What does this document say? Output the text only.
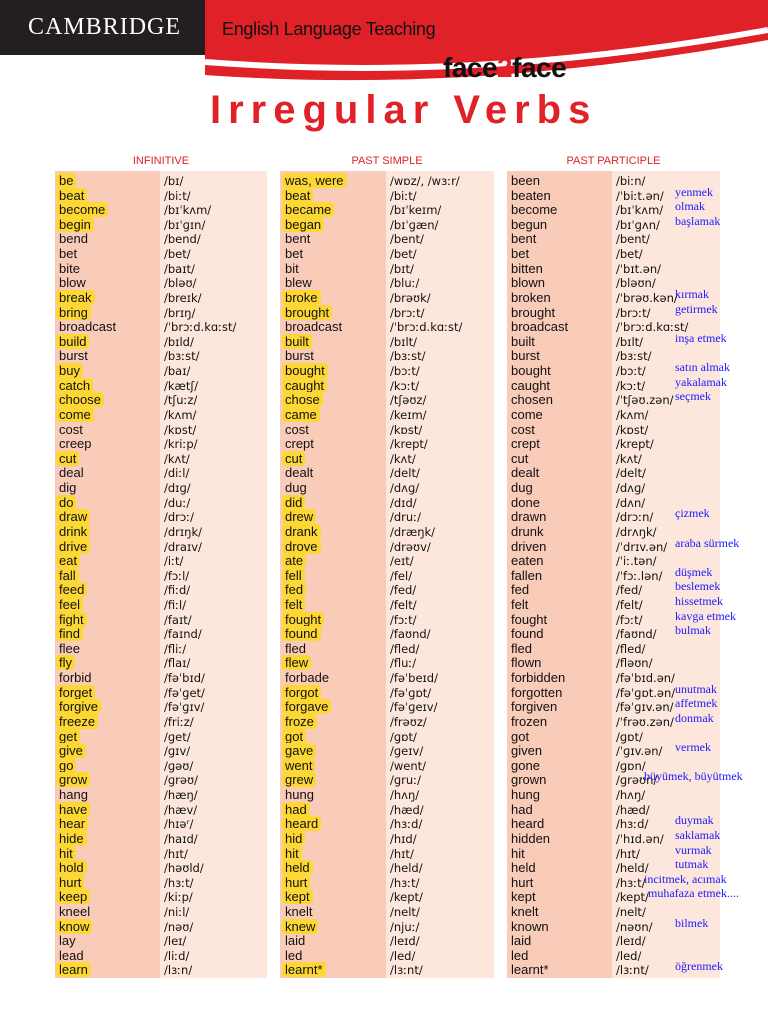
CAMBRIDGE English Language Teaching
face2face
Irregular Verbs
INFINITIVE	PAST SIMPLE	PAST PARTICIPLE
be	/bɪ/	was, were	/wɒz/, /wɜːr/	been	/biːn/
beat	/biːt/	beat	/biːt/	beaten	/ˈbiːt.ən/
become	/bɪˈkʌm/	became	/bɪˈkeɪm/	become	/bɪˈkʌm/
begin	/bɪˈɡɪn/	began	/bɪˈɡæn/	begun	/bɪˈɡʌn/
bend	/bend/	bent	/bent/	bent	/bent/
bet	/bet/	bet	/bet/	bet	/bet/
bite	/baɪt/	bit	/bɪt/	bitten	/ˈbɪt.ən/
blow	/bləʊ/	blew	/bluː/	blown	/bləʊn/
break	/breɪk/	broke	/brəʊk/	broken	/ˈbrəʊ.kən/
bring	/brɪŋ/	brought	/brɔːt/	brought	/brɔːt/
broadcast	/ˈbrɔːd.kɑːst/	broadcast	/ˈbrɔːd.kɑːst/	broadcast	/ˈbrɔːd.kɑːst/
build	/bɪld/	built	/bɪlt/	built	/bɪlt/
burst	/bɜːst/	burst	/bɜːst/	burst	/bɜːst/
buy	/baɪ/	bought	/bɔːt/	bought	/bɔːt/
catch	/kætʃ/	caught	/kɔːt/	caught	/kɔːt/
choose	/tʃuːz/	chose	/tʃəʊz/	chosen	/ˈtʃəʊ.zən/
come	/kʌm/	came	/keɪm/	come	/kʌm/
cost	/kɒst/	cost	/kɒst/	cost	/kɒst/
creep	/kriːp/	crept	/krept/	crept	/krept/
cut	/kʌt/	cut	/kʌt/	cut	/kʌt/
deal	/diːl/	dealt	/delt/	dealt	/delt/
dig	/dɪɡ/	dug	/dʌɡ/	dug	/dʌɡ/
do	/duː/	did	/dɪd/	done	/dʌn/
draw	/drɔː/	drew	/druː/	drawn	/drɔːn/
drink	/drɪŋk/	drank	/dræŋk/	drunk	/drʌŋk/
drive	/draɪv/	drove	/drəʊv/	driven	/ˈdrɪv.ən/
eat	/iːt/	ate	/eɪt/	eaten	/ˈiː.tən/
fall	/fɔːl/	fell	/fel/	fallen	/ˈfɔː.lən/
feed	/fiːd/	fed	/fed/	fed	/fed/
feel	/fiːl/	felt	/felt/	felt	/felt/
fight	/faɪt/	fought	/fɔːt/	fought	/fɔːt/
find	/faɪnd/	found	/faʊnd/	found	/faʊnd/
flee	/fliː/	fled	/fled/	fled	/fled/
fly	/flaɪ/	flew	/fluː/	flown	/fləʊn/
forbid	/fəˈbɪd/	forbade	/fəˈbeɪd/	forbidden	/fəˈbɪd.ən/
forget	/fəˈɡet/	forgot	/fəˈɡɒt/	forgotten	/fəˈɡɒt.ən/
forgive	/fəˈɡɪv/	forgave	/fəˈɡeɪv/	forgiven	/fəˈɡɪv.ən/
freeze	/friːz/	froze	/frəʊz/	frozen	/ˈfrəʊ.zən/
get	/ɡet/	got	/ɡɒt/	got	/ɡɒt/
give	/ɡɪv/	gave	/ɡeɪv/	given	/ˈɡɪv.ən/
go	/ɡəʊ/	went	/went/	gone	/ɡɒn/
grow	/ɡrəʊ/	grew	/ɡruː/	grown	/ɡrəʊn/
hang	/hæŋ/	hung	/hʌŋ/	hung	/hʌŋ/
have	/hæv/	had	/hæd/	had	/hæd/
hear	/hɪəʳ/	heard	/hɜːd/	heard	/hɜːd/
hide	/haɪd/	hid	/hɪd/	hidden	/ˈhɪd.ən/
hit	/hɪt/	hit	/hɪt/	hit	/hɪt/
hold	/həʊld/	held	/held/	held	/held/
hurt	/hɜːt/	hurt	/hɜːt/	hurt	/hɜːt/
keep	/kiːp/	kept	/kept/	kept	/kept/
kneel	/niːl/	knelt	/nelt/	knelt	/nelt/
know	/nəʊ/	knew	/njuː/	known	/nəʊn/
lay	/leɪ/	laid	/leɪd/	laid	/leɪd/
lead	/liːd/	led	/led/	led	/led/
learn	/lɜːn/	learnt*	/lɜːnt/	learnt*	/lɜːnt/
yenmek
olmak
başlamak
kırmak
getirmek
inşa etmek
satın almak
yakalamak
seçmek
çizmek
araba sürmek
düşmek
beslemek
hissetmek
kavga etmek
bulmak
unutmak
affetmek
donmak
vermek
büyümek, büyütmek
duymak
saklamak
vurmak
tutmak
incitmek, acımak
muhafaza etmek....
bilmek
öğrenmek
